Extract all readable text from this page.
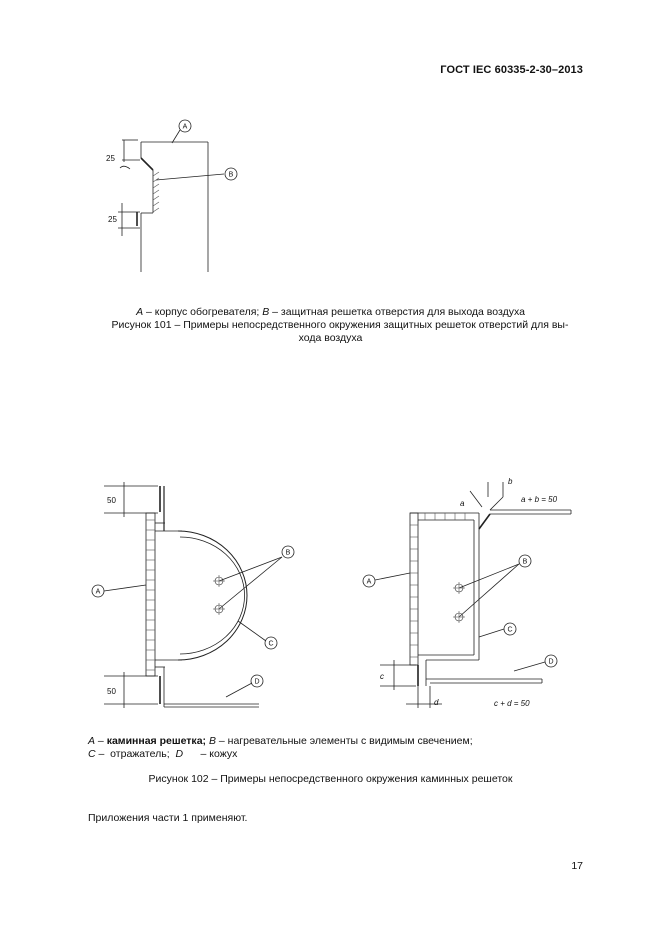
ГОСТ IEC 60335-2-30–2013
A
B
25
25
A – корпус обогревателя; B – защитная решетка отверстия для выхода воздуха
Рисунок 101 – Примеры непосредственного окружения защитных решеток отверстий для вы-
хода воздуха
A
B
C
D
50
50
A
B
C
D
a
b
a + b = 50
c
d	c + d = 50
A – каминная решетка; B – нагревательные элементы с видимым свечением;
C –  отражатель;  D      – кожух
Рисунок 102 – Примеры непосредственного окружения каминных решеток
Приложения части 1 применяют.
17
